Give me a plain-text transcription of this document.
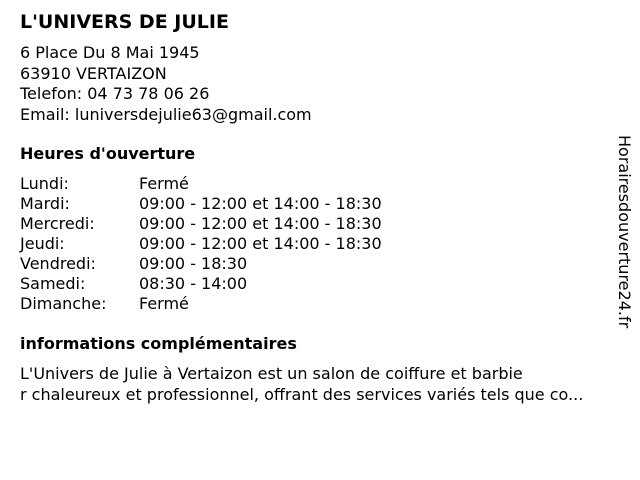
L'UNIVERS DE JULIE
6 Place Du 8 Mai 1945
63910 VERTAIZON
Telefon: 04 73 78 06 26
Email: luniversdejulie63@gmail.com
Heures d'ouverture
Lundi:	Fermé
Mardi:	09:00 - 12:00 et 14:00 - 18:30
Mercredi:	09:00 - 12:00 et 14:00 - 18:30
Jeudi:	09:00 - 12:00 et 14:00 - 18:30
Vendredi:	09:00 - 18:30
Samedi:	08:30 - 14:00
Dimanche: Fermé
informations complémentaires
L'Univers de Julie à Vertaizon est un salon de coiffure et barbie
r chaleureux et professionnel, offrant des services variés tels que co...
Horairesdouverture24.fr
